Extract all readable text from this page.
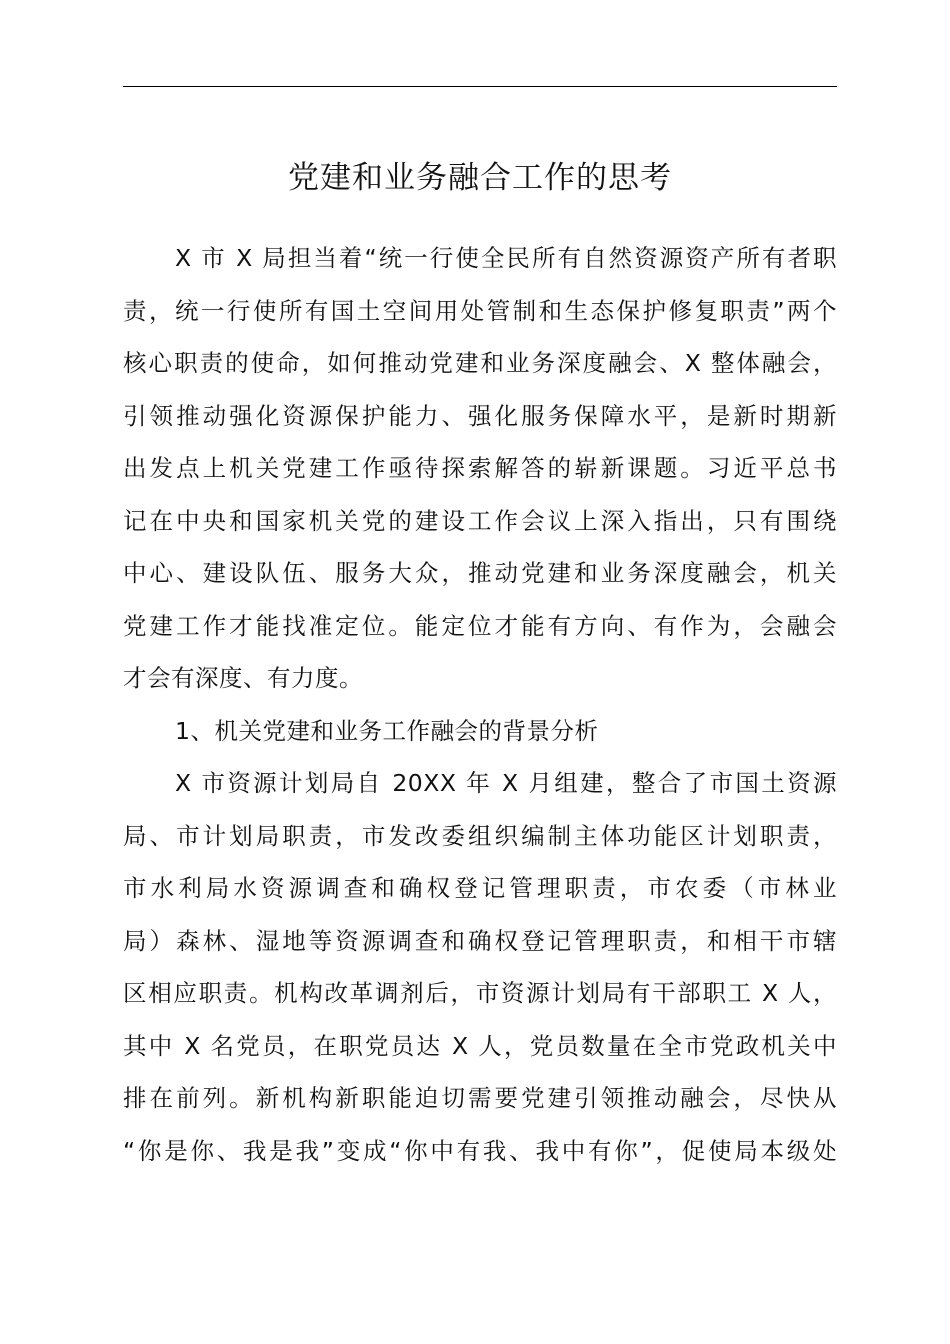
党建和业务融合工作的思考
X 市 X 局担当着“统一行使全民所有自然资源资产所有者职
责，统一行使所有国土空间用处管制和生态保护修复职责”两个
核心职责的使命，如何推动党建和业务深度融会、X 整体融会，
引领推动强化资源保护能力、强化服务保障水平，是新时期新
出发点上机关党建工作亟待探索解答的崭新课题。习近平总书
记在中央和国家机关党的建设工作会议上深入指出，只有围绕
中心、建设队伍、服务大众，推动党建和业务深度融会，机关
党建工作才能找准定位。能定位才能有方向、有作为，会融会
才会有深度、有力度。
1、机关党建和业务工作融会的背景分析
X 市资源计划局自 20XX 年 X 月组建，整合了市国土资源
局、市计划局职责，市发改委组织编制主体功能区计划职责，
市水利局水资源调查和确权登记管理职责，市农委（市林业
局）森林、湿地等资源调查和确权登记管理职责，和相干市辖
区相应职责。机构改革调剂后，市资源计划局有干部职工 X 人，
其中 X 名党员，在职党员达 X 人，党员数量在全市党政机关中
排在前列。新机构新职能迫切需要党建引领推动融会，尽快从
“你是你、我是我”变成“你中有我、我中有你”，促使局本级处
